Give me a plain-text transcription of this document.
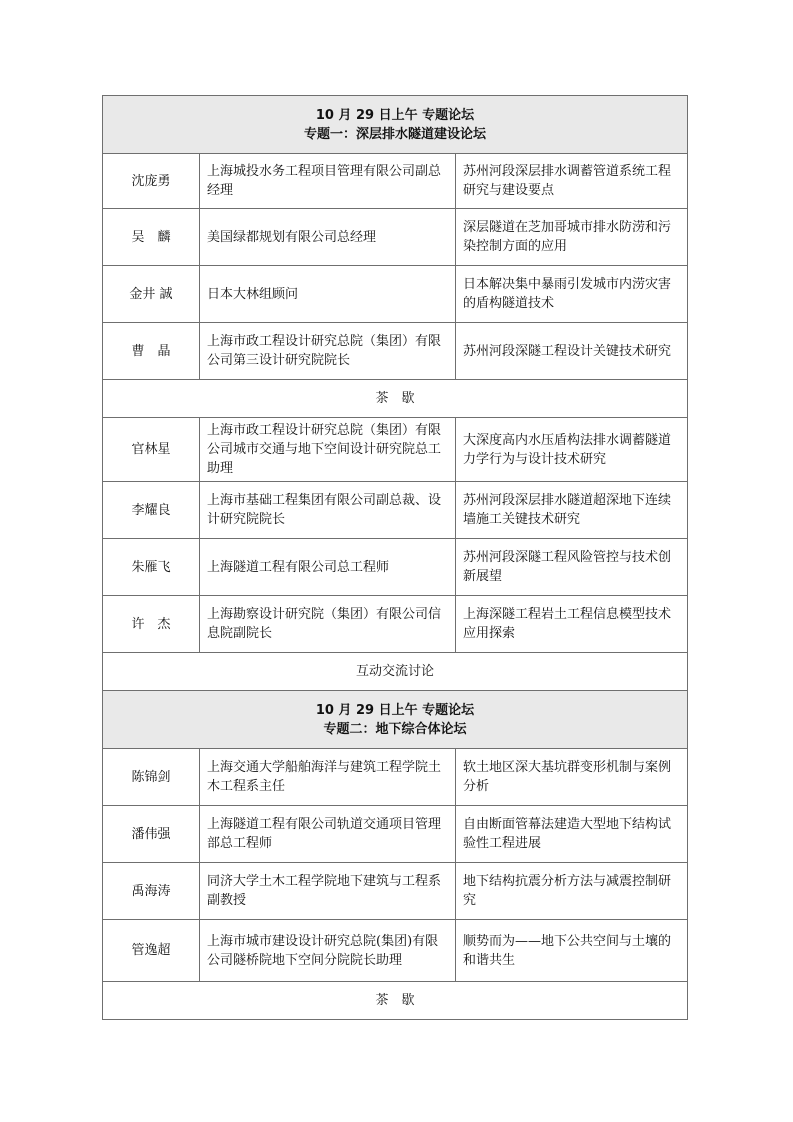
10 月 29 日上午 专题论坛
专题一：深层排水隧道建设论坛		

沈庞勇	上海城投水务工程项目管理有限公司副总经理	苏州河段深层排水调蓄管道系统工程研究与建设要点
吴　麟	美国绿都规划有限公司总经理	深层隧道在芝加哥城市排水防涝和污染控制方面的应用
金井 誠	日本大林组顾问	日本解决集中暴雨引发城市内涝灾害的盾构隧道技术
曹　晶	上海市政工程设计研究总院（集团）有限公司第三设计研究院院长	苏州河段深隧工程设计关键技术研究
茶　歇		
官林星	上海市政工程设计研究总院（集团）有限公司城市交通与地下空间设计研究院总工助理	大深度高内水压盾构法排水调蓄隧道力学行为与设计技术研究
李耀良	上海市基础工程集团有限公司副总裁、设计研究院院长	苏州河段深层排水隧道超深地下连续墙施工关键技术研究
朱雁飞	上海隧道工程有限公司总工程师	苏州河段深隧工程风险管控与技术创新展望
许　杰	上海勘察设计研究院（集团）有限公司信息院副院长	上海深隧工程岩土工程信息模型技术应用探索
互动交流讨论		

10 月 29 日上午 专题论坛
专题二：地下综合体论坛		

陈锦剑	上海交通大学船舶海洋与建筑工程学院土木工程系主任	软土地区深大基坑群变形机制与案例分析
潘伟强	上海隧道工程有限公司轨道交通项目管理部总工程师	自由断面管幕法建造大型地下结构试验性工程进展
禹海涛	同济大学土木工程学院地下建筑与工程系副教授	地下结构抗震分析方法与减震控制研究
管逸超	上海市城市建设设计研究总院(集团)有限公司隧桥院地下空间分院院长助理	顺势而为——地下公共空间与土壤的和谐共生
茶　歇		
